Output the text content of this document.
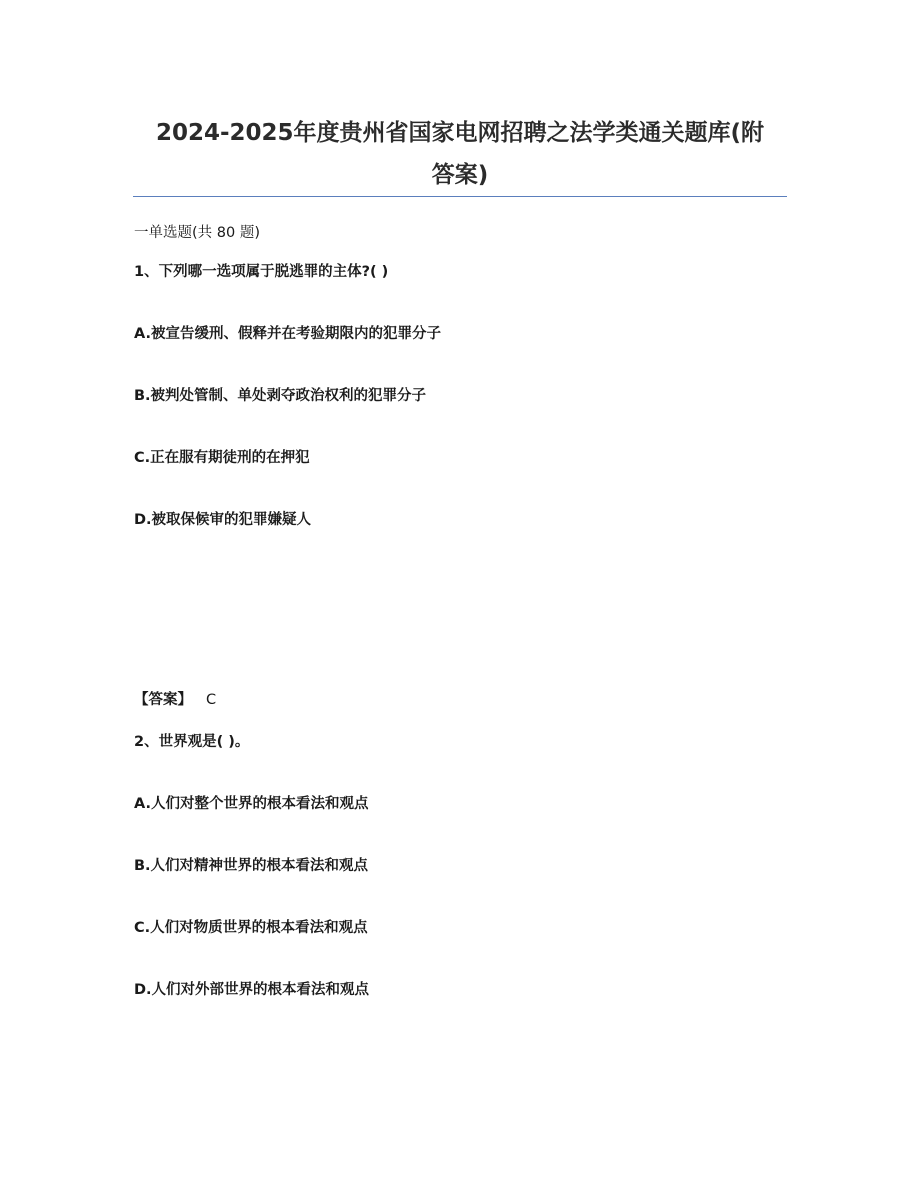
2024-2025年度贵州省国家电网招聘之法学类通关题库(附
答案)
一单选题(共 80 题)
1、下列哪一选项属于脱逃罪的主体?( )
A.被宣告缓刑、假释并在考验期限内的犯罪分子
B.被判处管制、单处剥夺政治权利的犯罪分子
C.正在服有期徒刑的在押犯
D.被取保候审的犯罪嫌疑人
【答案】 C
2、世界观是( )。
A.人们对整个世界的根本看法和观点
B.人们对精神世界的根本看法和观点
C.人们对物质世界的根本看法和观点
D.人们对外部世界的根本看法和观点
